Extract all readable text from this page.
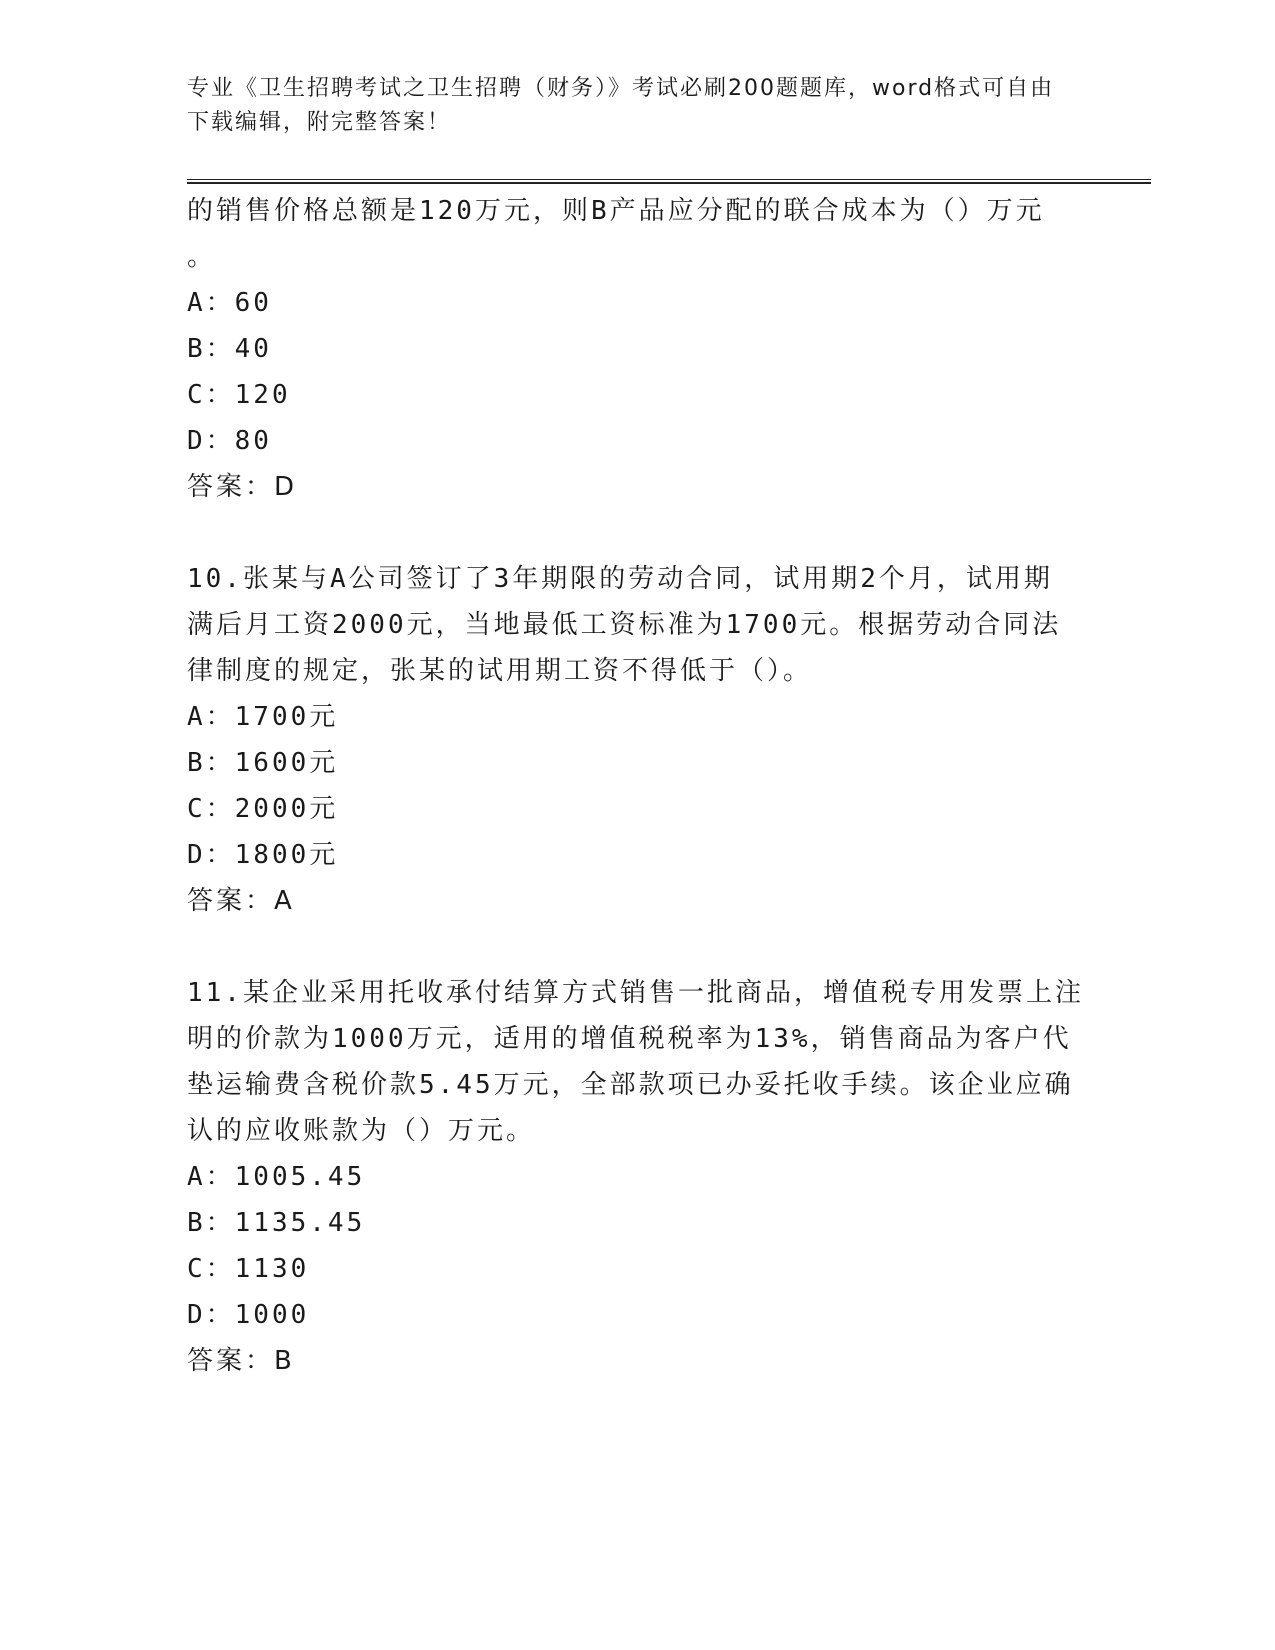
专业《卫生招聘考试之卫生招聘（财务）》考试必刷200题题库，word格式可自由下载编辑，附完整答案！
的销售价格总额是120万元，则B产品应分配的联合成本为（）万元
。
A：60
B：40
C：120
D：80
答案：D
10.张某与A公司签订了3年期限的劳动合同，试用期2个月，试用期
满后月工资2000元，当地最低工资标准为1700元。根据劳动合同法
律制度的规定，张某的试用期工资不得低于（）。
A：1700元
B：1600元
C：2000元
D：1800元
答案：A
11.某企业采用托收承付结算方式销售一批商品，增值税专用发票上注
明的价款为1000万元，适用的增值税税率为13%，销售商品为客户代
垫运输费含税价款5.45万元，全部款项已办妥托收手续。该企业应确
认的应收账款为（）万元。
A：1005.45
B：1135.45
C：1130
D：1000
答案：B
